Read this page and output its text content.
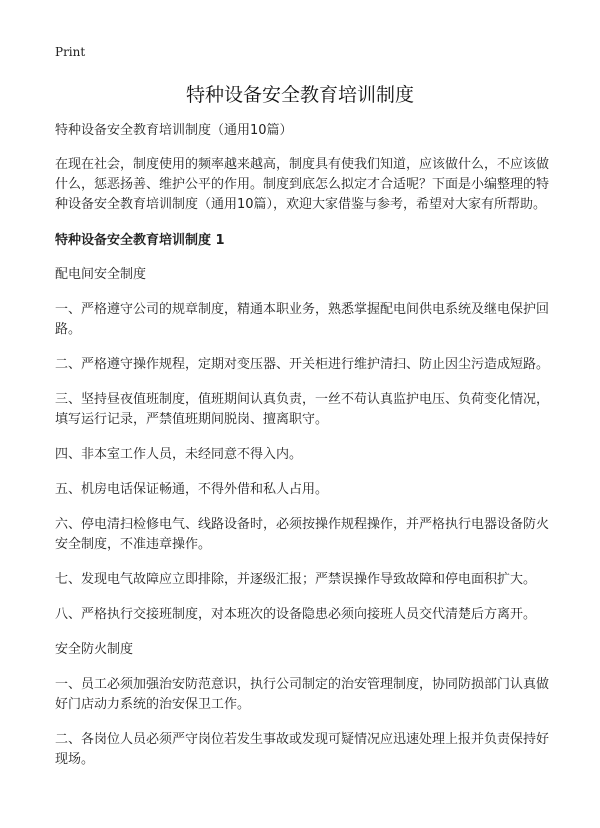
Print
特种设备安全教育培训制度

特种设备安全教育培训制度（通用10篇）

在现在社会，制度使用的频率越来越高，制度具有使我们知道，应该做什么，不应该做什么，惩恶扬善、维护公平的作用。制度到底怎么拟定才合适呢？下面是小编整理的特种设备安全教育培训制度（通用10篇），欢迎大家借鉴与参考，希望对大家有所帮助。

特种设备安全教育培训制度 1

配电间安全制度

一、严格遵守公司的规章制度，精通本职业务，熟悉掌握配电间供电系统及继电保护回路。

二、严格遵守操作规程，定期对变压器、开关柜进行维护清扫、防止因尘污造成短路。

三、坚持昼夜值班制度，值班期间认真负责，一丝不苟认真监护电压、负荷变化情况，填写运行记录，严禁值班期间脱岗、擅离职守。

四、非本室工作人员，未经同意不得入内。

五、机房电话保证畅通，不得外借和私人占用。

六、停电清扫检修电气、线路设备时，必须按操作规程操作，并严格执行电器设备防火安全制度，不准违章操作。

七、发现电气故障应立即排除，并逐级汇报；严禁误操作导致故障和停电面积扩大。

八、严格执行交接班制度，对本班次的设备隐患必须向接班人员交代清楚后方离开。

安全防火制度

一、员工必须加强治安防范意识，执行公司制定的治安管理制度，协同防损部门认真做好门店动力系统的治安保卫工作。

二、各岗位人员必须严守岗位若发生事故或发现可疑情况应迅速处理上报并负责保持好现场。
